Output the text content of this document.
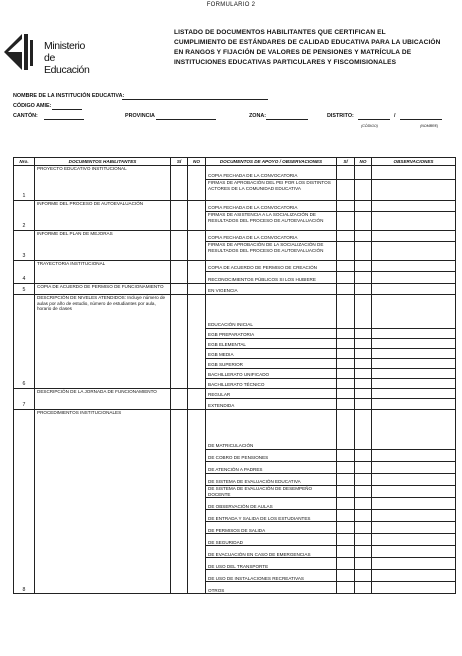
FORMULARIO 2
Ministerio
de Educación
LISTADO DE DOCUMENTOS HABILITANTES QUE CERTIFICAN EL
CUMPLIMIENTO DE ESTÁNDARES DE CALIDAD EDUCATIVA PARA LA UBICACIÓN
EN RANGOS Y FIJACIÓN DE VALORES DE PENSIONES Y MATRÍCULA DE
INSTITUCIONES EDUCATIVAS PARTICULARES Y FISCOMISIONALES
NOMBRE DE LA INSTITUCIÓN EDUCATIVA:
CÓDIGO AMIE:
CANTÓN:	PROVINCIA	ZONA:	DISTRITO:	/
(CÓDIGO)	(NOMBRE)
Nro.	DOCUMENTOS HABILITANTES	SÍ	NO	DOCUMENTOS DE APOYO / OBSERVACIONES	SÍ	NO	OBSERVACIONES
1	PROYECTO EDUCATIVO INSTITUCIONAL			COPIA FECHADA DE LA CONVOCATORIA			
				FIRMAS DE APROBACIÓN DEL PEI POR LOS DISTINTOS ACTORES DE LA COMUNIDAD EDUCATIVA			
2	INFORME DEL PROCESO DE AUTOEVALUACIÓN			COPIA FECHADA DE LA CONVOCATORIA			
				FIRMAS DE ASISTENCIA A LA SOCIALIZACIÓN DE RESULTADOS DEL PROCESO DE AUTOEVALUACIÓN			
3	INFORME DEL PLAN DE MEJORAS			COPIA FECHADA DE LA CONVOCATORIA			
				FIRMAS DE APROBACIÓN DE LA SOCIALIZACIÓN DE RESULTADOS DEL PROCESO DE AUTOEVALUACIÓN			
4	TRAYECTORIA INSTITUCIONAL			COPIA DE ACUERDO DE PERMISO DE CREACIÓN			
				RECONOCIMIENTOS PÚBLICOS SI LOS HUBIERE			
5	COPIA DE ACUERDO DE PERMISO DE FUNCIONAMIENTO			EN VIGENCIA			
6	DESCRIPCIÓN DE NIVELES ATENDIDOS: Incluye número de aulas por año de estudio, número de estudiantes por aula, horario de clases			EDUCACIÓN INICIAL			
				EGB PREPARATORIA			
				EGB ELEMENTAL			
				EGB MEDIA			
				EGB SUPERIOR			
				BACHILLERATO UNIFICADO			
				BACHILLERATO TÉCNICO			
7	DESCRIPCIÓN DE LA JORNADA DE FUNCIONAMIENTO			REGULAR			
				EXTENDIDA			
8	PROCEDIMIENTOS INSTITUCIONALES			DE MATRICULACIÓN			
				DE COBRO DE PENSIONES			
				DE ATENCIÓN A PADRES			
				DE SISTEMA DE EVALUACIÓN EDUCATIVA			
				DE SISTEMA DE EVALUACIÓN DE DESEMPEÑO DOCENTE			
				DE OBSERVACIÓN DE AULAS			
				DE ENTRADA Y SALIDA DE LOS ESTUDIANTES			
				DE PERMISOS DE SALIDA			
				DE SEGURIDAD			
				DE EVACUACIÓN EN CASO DE EMERGENCIAS			
				DE USO DEL TRANSPORTE			
				DE USO DE INSTALACIONES RECREATIVAS			
				OTROS			
